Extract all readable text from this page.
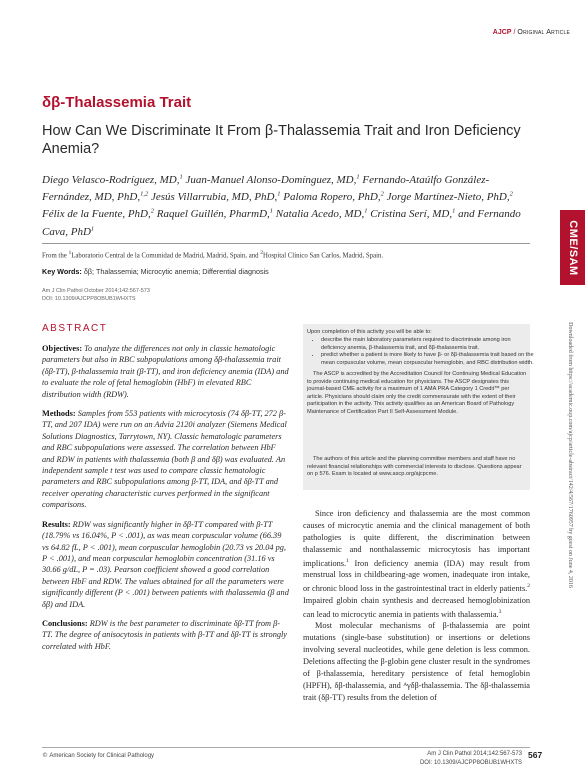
AJCP / Original Article
δβ-Thalassemia Trait
How Can We Discriminate It From β-Thalassemia Trait and Iron Deficiency Anemia?
Diego Velasco-Rodríguez, MD,$^1$ Juan-Manuel Alonso-Domínguez, MD,$^1$ Fernando-Ataúlfo González-Fernández, MD, PhD,$^{1,2}$ Jesús Villarrubia, MD, PhD,$^1$ Paloma Ropero, PhD,$^2$ Jorge Martínez-Nieto, PhD,$^2$ Félix de la Fuente, PhD,$^2$ Raquel Guillén, PharmD,$^1$ Natalia Acedo, MD,$^1$ Cristina Serí, MD,$^1$ and Fernando Cava, PhD$^1$
From the $^1$Laboratorio Central de la Comunidad de Madrid, Madrid, Spain, and $^2$Hospital Clínico San Carlos, Madrid, Spain.
Key Words: δβ; Thalassemia; Microcytic anemia; Differential diagnosis
Am J Clin Pathol October 2014;142:567-573
DOI: 10.1309/AJCPP8OBUB1WHXTS
ABSTRACT

Objectives: To analyze the differences not only in classic hematologic parameters but also in RBC subpopulations among δβ-thalassemia trait (δβ-TT), β-thalassemia trait (β-TT), and iron deficiency anemia (IDA) and to evaluate the role of fetal hemoglobin (HbF) in elevated RBC distribution width (RDW).

Methods: Samples from 553 patients with microcytosis (74 δβ-TT, 272 β-TT, and 207 IDA) were run on an Advia 2120i analyzer (Siemens Medical Solutions Diagnostics, Tarrytown, NY). Classic hematologic parameters and RBC subpopulations were assessed. The correlation between HbF and RDW in patients with thalassemia (both β and δβ) was evaluated. An independent sample t test was used to compare classic hematologic parameters and RBC subpopulations among β-TT, IDA, and δβ-TT and receiver operating characteristic curves performed in the significant comparisons.

Results: RDW was significantly higher in δβ-TT compared with β-TT (18.79% vs 16.04%, P < .001), as was mean corpuscular volume (66.39 vs 64.82 fL, P < .001), mean corpuscular hemoglobin (20.73 vs 20.04 pg, P < .001), and mean corpuscular hemoglobin concentration (31.16 vs 30.66 g/dL, P = .03). Pearson coefficient showed a good correlation between HbF and RDW. The values obtained for all the parameters were significantly different (P < .001) between patients with thalassemia (β and δβ) and IDA.

Conclusions: RDW is the best parameter to discriminate δβ-TT from β-TT. The degree of anisocytosis in patients with β-TT and δβ-TT is strongly correlated with HbF.

Upon completion of this activity you will be able to:
• describe the main laboratory parameters required to discriminate among iron deficiency anemia, β-thalassemia trait, and δβ-thalassemia trait.
• predict whether a patient is more likely to have β- or δβ-thalassemia trait based on the mean corpuscular volume, mean corpuscular hemoglobin, and RBC distribution width.
The ASCP is accredited by the Accreditation Council for Continuing Medical Education to provide continuing medical education for physicians. The ASCP designates this journal-based CME activity for a maximum of 1 AMA PRA Category 1 Credit™ per article. Physicians should claim only the credit commensurate with the extent of their participation in the activity. This activity qualifies as an American Board of Pathology Maintenance of Certification Part II Self-Assessment Module.
The authors of this article and the planning committee members and staff have no relevant financial relationships with commercial interests to disclose. Questions appear on p 576. Exam is located at www.ascp.org/ajcpcme.

Since iron deficiency and thalassemia are the most common causes of microcytic anemia and the clinical management of both pathologies is quite different, the discrimination between thalassemic and nonthalassemic microcytosis has important implications.$^1$ Iron deficiency anemia (IDA) may result from menstrual loss in childbearing-age women, inadequate iron intake, or chronic blood loss in the gastrointestinal tract in elderly patients.$^2$ Impaired globin chain synthesis and decreased hemoglobinization can lead to microcytic anemia in patients with thalassemia.$^3$

Most molecular mechanisms of β-thalassemia are point mutations (single-base substitution) or insertions or deletions involving several nucleotides, while gene deletion is less common. Deletions affecting the β-globin gene cluster result in the syndromes of β-thalassemia, hereditary persistence of fetal hemoglobin (HPFH), δβ-thalassemia, and ᴬγδβ-thalassemia. The δβ-thalassemia trait (δβ-TT) results from the deletion of

CME/SAM
Downloaded from https://academic.oup.com/ajcp/article-abstract/142/4/567/1760957 by guest on June 4, 2016
© American Society for Clinical Pathology	Am J Clin Pathol 2014;142:567-573 567
DOI: 10.1309/AJCPP8OBUB1WHXTS
